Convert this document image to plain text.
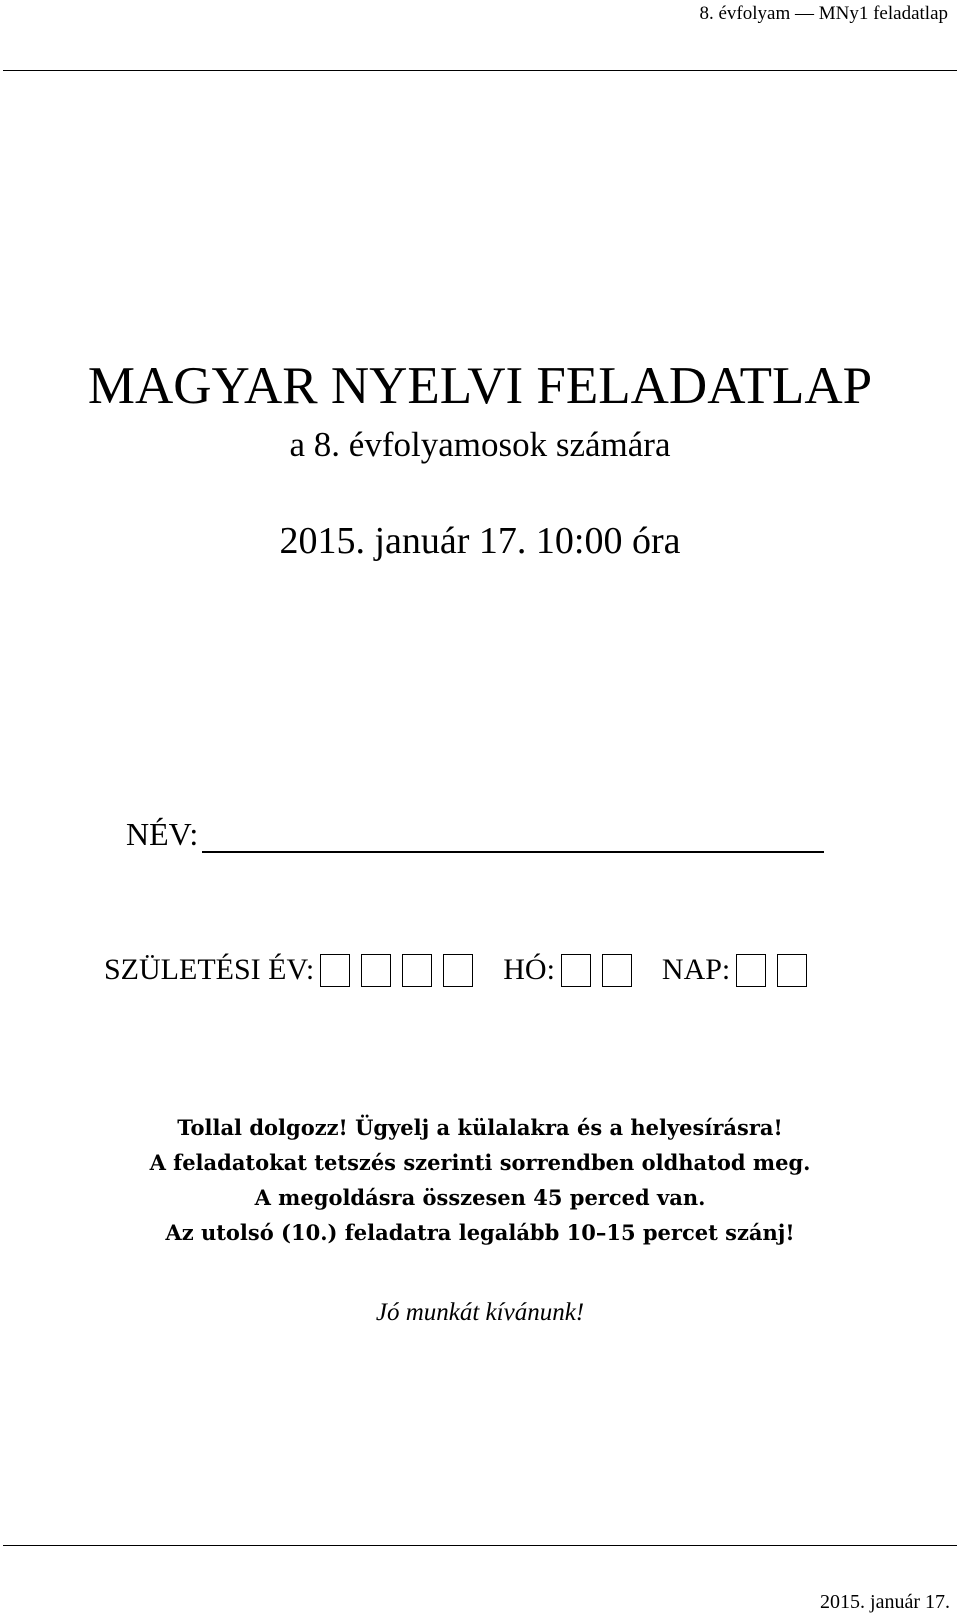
8. évfolyam — MNy1 feladatlap
MAGYAR NYELVI FELADATLAP
a 8. évfolyamosok számára
2015. január 17. 10:00 óra
NÉV:
SZÜLETÉSI ÉV:	HÓ:	NAP:
Tollal dolgozz! Ügyelj a külalakra és a helyesírásra!
A feladatokat tetszés szerinti sorrendben oldhatod meg.
A megoldásra összesen 45 perced van.
Az utolsó (10.) feladatra legalább 10–15 percet szánj!
Jó munkát kívánunk!
2015. január 17.
